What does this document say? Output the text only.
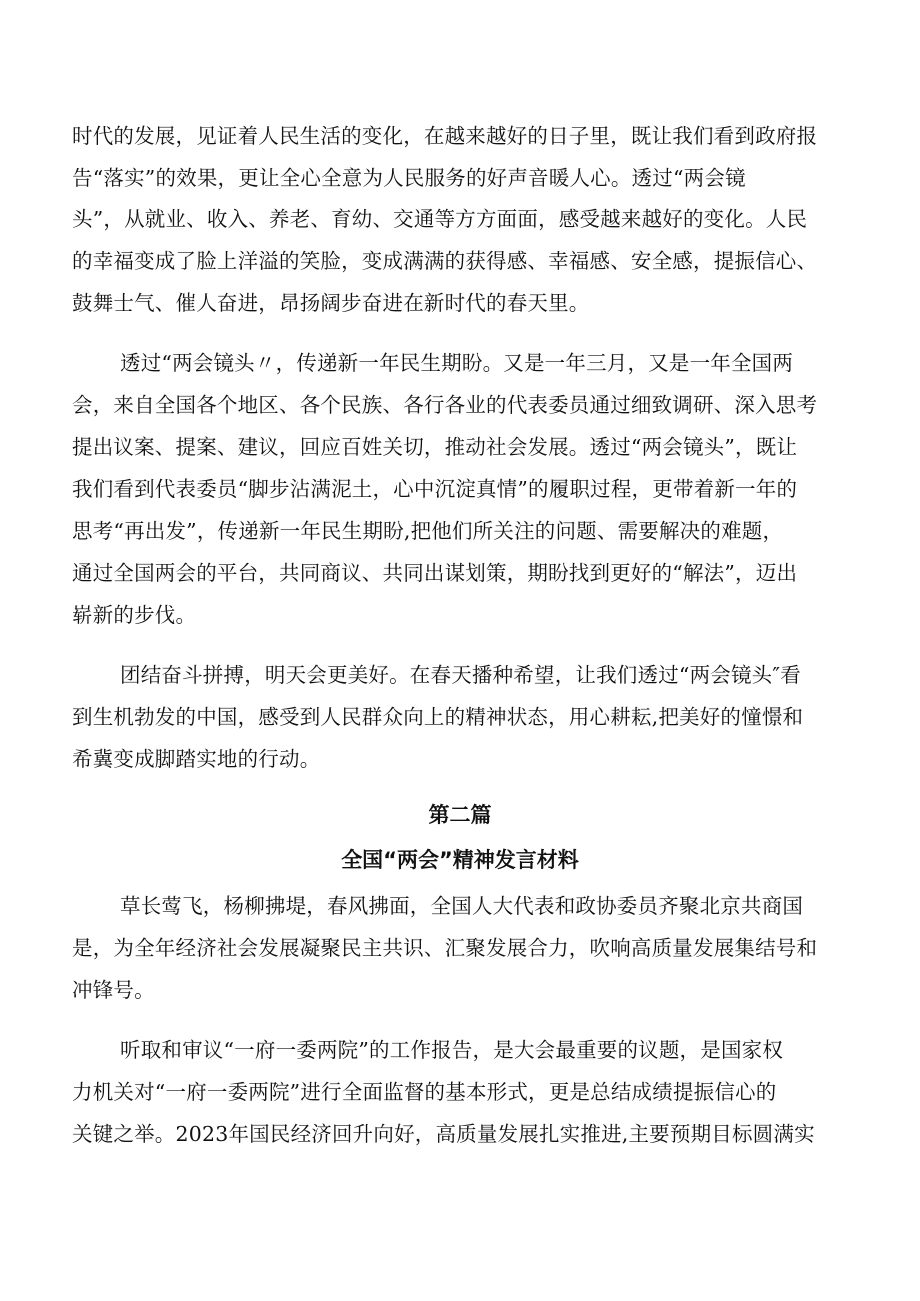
时代的发展，见证着人民生活的变化，在越来越好的日子里，既让我们看到政府报
告“落实”的效果，更让全心全意为人民服务的好声音暖人心。透过“两会镜
头”，从就业、收入、养老、育幼、交通等方方面面，感受越来越好的变化。人民
的幸福变成了脸上洋溢的笑脸，变成满满的获得感、幸福感、安全感，提振信心、
鼓舞士气、催人奋进，昂扬阔步奋进在新时代的春天里。
透过“两会镜头〃，传递新一年民生期盼。又是一年三月，又是一年全国两
会，来自全国各个地区、各个民族、各行各业的代表委员通过细致调研、深入思考
提出议案、提案、建议，回应百姓关切，推动社会发展。透过“两会镜头”，既让
我们看到代表委员“脚步沾满泥土，心中沉淀真情”的履职过程，更带着新一年的
思考“再出发”，传递新一年民生期盼,把他们所关注的问题、需要解决的难题，
通过全国两会的平台，共同商议、共同出谋划策，期盼找到更好的“解法”，迈出
崭新的步伐。
团结奋斗拼搏，明天会更美好。在春天播种希望，让我们透过“两会镜头″看
到生机勃发的中国，感受到人民群众向上的精神状态，用心耕耘,把美好的憧憬和
希冀变成脚踏实地的行动。
第二篇
全国“两会”精神发言材料
草长莺飞，杨柳拂堤，春风拂面，全国人大代表和政协委员齐聚北京共商国
是，为全年经济社会发展凝聚民主共识、汇聚发展合力，吹响高质量发展集结号和
冲锋号。
听取和审议“一府一委两院”的工作报告，是大会最重要的议题，是国家权
力机关对“一府一委两院”进行全面监督的基本形式，更是总结成绩提振信心的
关键之举。2023年国民经济回升向好，高质量发展扎实推进,主要预期目标圆满实
